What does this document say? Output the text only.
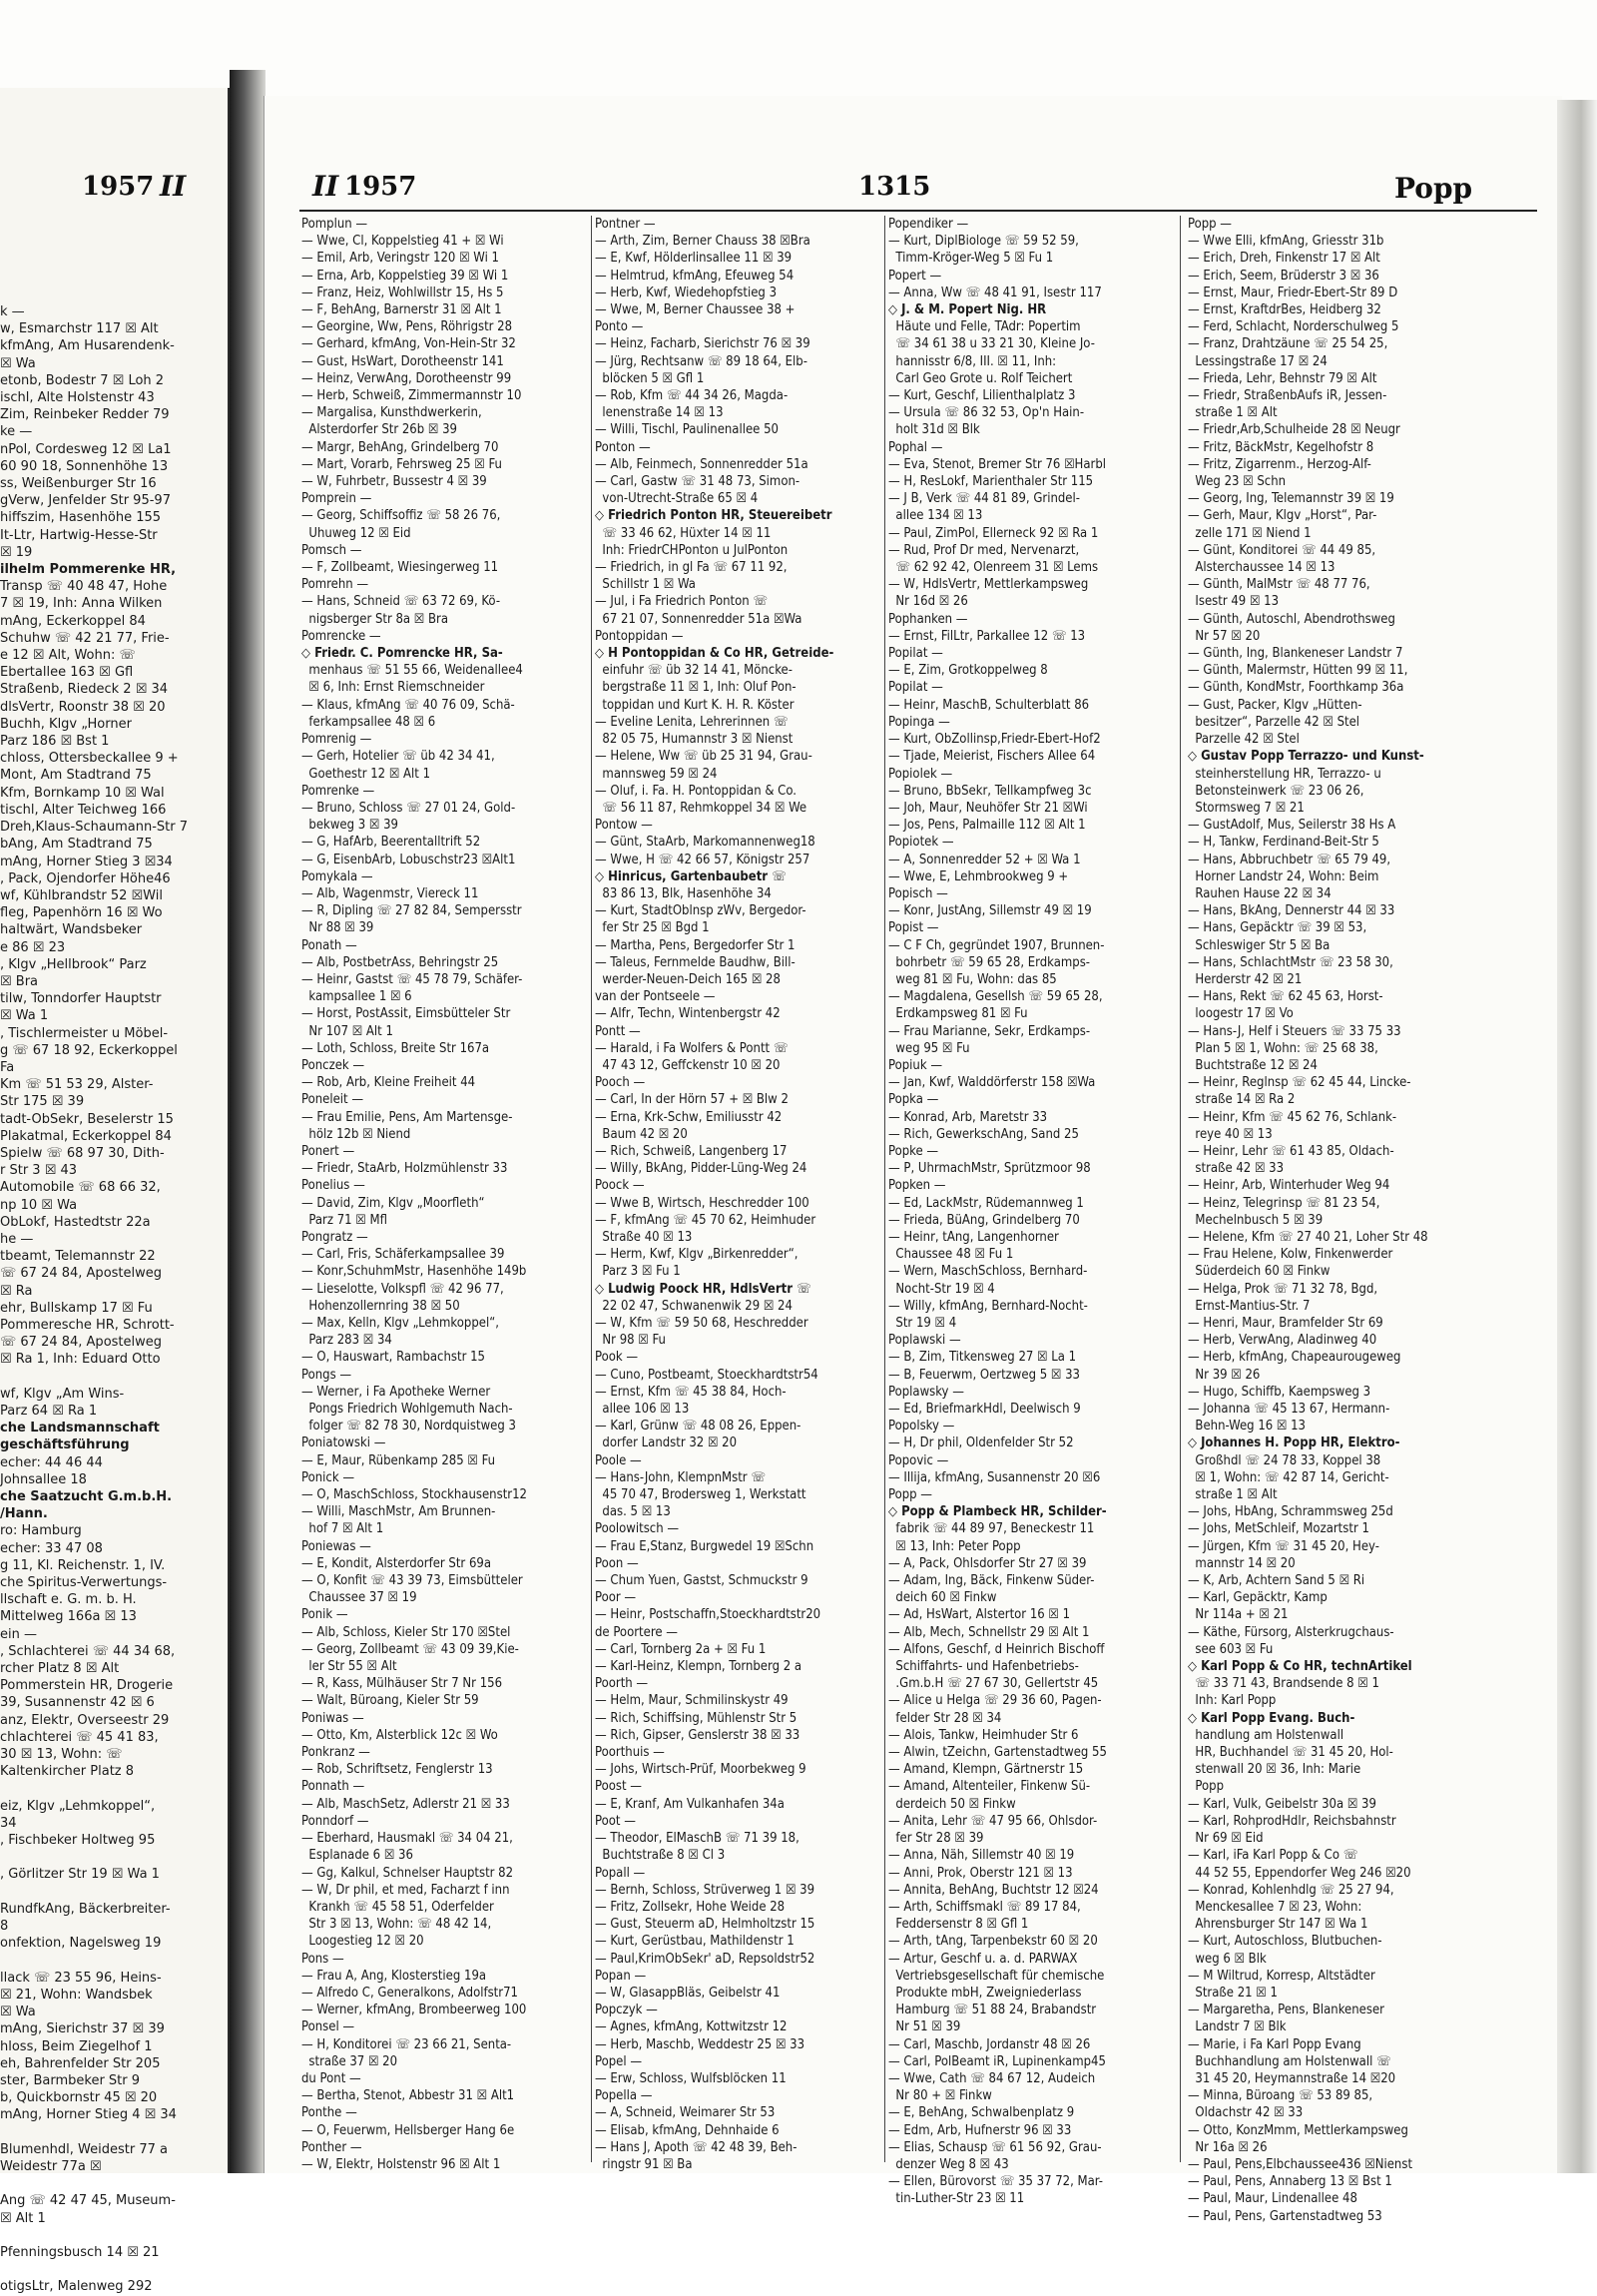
k —
w, Esmarchstr 117 ☒ Alt
kfmAng, Am Husarendenk-
☒ Wa
etonb, Bodestr 7 ☒ Loh 2
ischl, Alte Holstenstr 43
Zim, Reinbeker Redder 79
ke —
nPol, Cordesweg 12 ☒ La1
60 90 18, Sonnenhöhe 13
ss, Weißenburger Str 16
gVerw, Jenfelder Str 95-97
hiffszim, Hasenhöhe 155
It-Ltr, Hartwig-Hesse-Str
☒ 19
ilhelm Pommerenke HR,
Transp ☏ 40 48 47, Hohe
7 ☒ 19, Inh: Anna Wilken
mAng, Eckerkoppel 84
Schuhw ☏ 42 21 77, Frie-
e 12 ☒ Alt, Wohn: ☏
Ebertallee 163 ☒ Gfl
Straßenb, Riedeck 2 ☒ 34
dlsVertr, Roonstr 38 ☒ 20
Buchh, Klgv „Horner
Parz 186 ☒ Bst 1
chloss, Ottersbeckallee 9 +
Mont, Am Stadtrand 75
Kfm, Bornkamp 10 ☒ Wal
tischl, Alter Teichweg 166
Dreh,Klaus-Schaumann-Str 7
bAng, Am Stadtrand 75
mAng, Horner Stieg 3 ☒34
, Pack, Ojendorfer Höhe46
wf, Kühlbrandstr 52 ☒Wil
fleg, Papenhörn 16 ☒ Wo
haltwärt, Wandsbeker
e 86 ☒ 23
, Klgv „Hellbrook“ Parz
☒ Bra
tilw, Tonndorfer Hauptstr
☒ Wa 1
, Tischlermeister u Möbel-
g ☏ 67 18 92, Eckerkoppel
Fa
Km ☏ 51 53 29, Alster-
Str 175 ☒ 39
tadt-ObSekr, Beselerstr 15
Plakatmal, Eckerkoppel 84
Spielw ☏ 68 97 30, Dith-
r Str 3 ☒ 43
Automobile ☏ 68 66 32,
np 10 ☒ Wa
ObLokf, Hastedtstr 22a
he —
tbeamt, Telemannstr 22
☏ 67 24 84, Apostelweg
☒ Ra
ehr, Bullskamp 17 ☒ Fu
Pommeresche HR, Schrott-
☏ 67 24 84, Apostelweg
☒ Ra 1, Inh: Eduard Otto

wf, Klgv „Am Wins-
Parz 64 ☒ Ra 1
che Landsmannschaft
geschäftsführung
echer: 44 46 44
Johnsallee 18
che Saatzucht G.m.b.H.
/Hann.
ro: Hamburg
echer: 33 47 08
g 11, Kl. Reichenstr. 1, IV.
che Spiritus-Verwertungs-
llschaft e. G. m. b. H.
Mittelweg 166a ☒ 13
ein —
, Schlachterei ☏ 44 34 68,
rcher Platz 8 ☒ Alt
Pommerstein HR, Drogerie
39, Susannenstr 42 ☒ 6
anz, Elektr, Overseestr 29
chlachterei ☏ 45 41 83,
30 ☒ 13, Wohn: ☏
Kaltenkircher Platz 8

eiz, Klgv „Lehmkoppel“,
34
, Fischbeker Holtweg 95

, Görlitzer Str 19 ☒ Wa 1

RundfkAng, Bäckerbreiter-
8
onfektion, Nagelsweg 19

llack ☏ 23 55 96, Heins-
☒ 21, Wohn: Wandsbek
☒ Wa
mAng, Sierichstr 37 ☒ 39
hloss, Beim Ziegelhof 1
eh, Bahrenfelder Str 205
ster, Barmbeker Str 9
b, Quickbornstr 45 ☒ 20
mAng, Horner Stieg 4 ☒ 34

Blumenhdl, Weidestr 77 a
Weidestr 77a ☒

Ang ☏ 42 47 45, Museum-
☒ Alt 1

Pfenningsbusch 14 ☒ 21

otigsLtr, Malenweg 292
1957 II	II 1957	1315	Popp
Pomplun —
— Wwe, Cl, Koppelstieg 41 + ☒ Wi
— Emil, Arb, Veringstr 120 ☒ Wi 1
— Erna, Arb, Koppelstieg 39 ☒ Wi 1
— Franz, Heiz, Wohlwillstr 15, Hs 5
— F, BehAng, Barnerstr 31 ☒ Alt 1
— Georgine, Ww, Pens, Röhrigstr 28
— Gerhard, kfmAng, Von-Hein-Str 32
— Gust, HsWart, Dorotheenstr 141
— Heinz, VerwAng, Dorotheenstr 99
— Herb, Schweiß, Zimmermannstr 10
— Margalisa, Kunsthdwerkerin,
Alsterdorfer Str 26b ☒ 39
— Margr, BehAng, Grindelberg 70
— Mart, Vorarb, Fehrsweg 25 ☒ Fu
— W, Fuhrbetr, Bussestr 4 ☒ 39
Pomprein —
— Georg, Schiffsoffiz ☏ 58 26 76,
Uhuweg 12 ☒ Eid
Pomsch —
— F, Zollbeamt, Wiesingerweg 11
Pomrehn —
— Hans, Schneid ☏ 63 72 69, Kö-
nigsberger Str 8a ☒ Bra
Pomrencke —
◇ Friedr. C. Pomrencke HR, Sa-
menhaus ☏ 51 55 66, Weidenallee4
☒ 6, Inh: Ernst Riemschneider
— Klaus, kfmAng ☏ 40 76 09, Schä-
ferkampsallee 48 ☒ 6
Pomrenig —
— Gerh, Hotelier ☏ üb 42 34 41,
Goethestr 12 ☒ Alt 1
Pomrenke —
— Bruno, Schloss ☏ 27 01 24, Gold-
bekweg 3 ☒ 39
— G, HafArb, Beerentalltrift 52
— G, EisenbArb, Lobuschstr23 ☒Alt1
Pomykala —
— Alb, Wagenmstr, Viereck 11
— R, Dipling ☏ 27 82 84, Sempersstr
Nr 88 ☒ 39
Ponath —
— Alb, PostbetrAss, Behringstr 25
— Heinr, Gastst ☏ 45 78 79, Schäfer-
kampsallee 1 ☒ 6
— Horst, PostAssit, Eimsbütteler Str
Nr 107 ☒ Alt 1
— Loth, Schloss, Breite Str 167a
Ponczek —
— Rob, Arb, Kleine Freiheit 44
Poneleit —
— Frau Emilie, Pens, Am Martensge-
hölz 12b ☒ Niend
Ponert —
— Friedr, StaArb, Holzmühlenstr 33
Ponelius —
— David, Zim, Klgv „Moorfleth“
Parz 71 ☒ Mfl
Pongratz —
— Carl, Fris, Schäferkampsallee 39
— Konr,SchuhmMstr, Hasenhöhe 149b
— Lieselotte, Volkspfl ☏ 42 96 77,
Hohenzollernring 38 ☒ 50
— Max, Kelln, Klgv „Lehmkoppel“,
Parz 283 ☒ 34
— O, Hauswart, Rambachstr 15
Pongs —
— Werner, i Fa Apotheke Werner
Pongs Friedrich Wohlgemuth Nach-
folger ☏ 82 78 30, Nordquistweg 3
Poniatowski —
— E, Maur, Rübenkamp 285 ☒ Fu
Ponick —
— O, MaschSchloss, Stockhausenstr12
— Willi, MaschMstr, Am Brunnen-
hof 7 ☒ Alt 1
Poniewas —
— E, Kondit, Alsterdorfer Str 69a
— O, Konfit ☏ 43 39 73, Eimsbütteler
Chaussee 37 ☒ 19
Ponik —
— Alb, Schloss, Kieler Str 170 ☒Stel
— Georg, Zollbeamt ☏ 43 09 39,Kie-
ler Str 55 ☒ Alt
— R, Kass, Mülhäuser Str 7 Nr 156
— Walt, Büroang, Kieler Str 59
Poniwas —
— Otto, Km, Alsterblick 12c ☒ Wo
Ponkranz —
— Rob, Schriftsetz, Fenglerstr 13
Ponnath —
— Alb, MaschSetz, Adlerstr 21 ☒ 33
Ponndorf —
— Eberhard, Hausmakl ☏ 34 04 21,
Esplanade 6 ☒ 36
— Gg, Kalkul, Schnelser Hauptstr 82
— W, Dr phil, et med, Facharzt f inn
Krankh ☏ 45 58 51, Oderfelder
Str 3 ☒ 13, Wohn: ☏ 48 42 14,
Loogestieg 12 ☒ 20
Pons —
— Frau A, Ang, Klosterstieg 19a
— Alfredo C, Generalkons, Adolfstr71
— Werner, kfmAng, Brombeerweg 100
Ponsel —
— H, Konditorei ☏ 23 66 21, Senta-
straße 37 ☒ 20
du Pont —
— Bertha, Stenot, Abbestr 31 ☒ Alt1
Ponthe —
— O, Feuerwm, Hellsberger Hang 6e
Ponther —
— W, Elektr, Holstenstr 96 ☒ Alt 1
Pontner —
— Arth, Zim, Berner Chauss 38 ☒Bra
— E, Kwf, Hölderlinsallee 11 ☒ 39
— Helmtrud, kfmAng, Efeuweg 54
— Herb, Kwf, Wiedehopfstieg 3
— Wwe, M, Berner Chaussee 38 +
Ponto —
— Heinz, Facharb, Sierichstr 76 ☒ 39
— Jürg, Rechtsanw ☏ 89 18 64, Elb-
blöcken 5 ☒ Gfl 1
— Rob, Kfm ☏ 44 34 26, Magda-
lenenstraße 14 ☒ 13
— Willi, Tischl, Paulinenallee 50
Ponton —
— Alb, Feinmech, Sonnenredder 51a
— Carl, Gastw ☏ 31 48 73, Simon-
von-Utrecht-Straße 65 ☒ 4
◇ Friedrich Ponton HR, Steuereibetr
☏ 33 46 62, Hüxter 14 ☒ 11
Inh: FriedrCHPonton u JulPonton
— Friedrich, in gl Fa ☏ 67 11 92,
Schillstr 1 ☒ Wa
— Jul, i Fa Friedrich Ponton ☏
67 21 07, Sonnenredder 51a ☒Wa
Pontoppidan —
◇ H Pontoppidan & Co HR, Getreide-
einfuhr ☏ üb 32 14 41, Möncke-
bergstraße 11 ☒ 1, Inh: Oluf Pon-
toppidan und Kurt K. H. R. Köster
— Eveline Lenita, Lehrerinnen ☏
82 05 75, Humannstr 3 ☒ Nienst
— Helene, Ww ☏ üb 25 31 94, Grau-
mannsweg 59 ☒ 24
— Oluf, i. Fa. H. Pontoppidan & Co.
☏ 56 11 87, Rehmkoppel 34 ☒ We
Pontow —
— Günt, StaArb, Markomannenweg18
— Wwe, H ☏ 42 66 57, Königstr 257
◇ Hinricus, Gartenbaubetr ☏
83 86 13, Blk, Hasenhöhe 34
— Kurt, StadtOblnsp zWv, Bergedor-
fer Str 25 ☒ Bgd 1
— Martha, Pens, Bergedorfer Str 1
— Taleus, Fernmelde Baudhw, Bill-
werder-Neuen-Deich 165 ☒ 28
van der Pontseele —
— Alfr, Techn, Wintenbergstr 42
Pontt —
— Harald, i Fa Wolfers & Pontt ☏
47 43 12, Geffckenstr 10 ☒ 20
Pooch —
— Carl, In der Hörn 57 + ☒ Blw 2
— Erna, Krk-Schw, Emiliusstr 42
Baum 42 ☒ 20
— Rich, Schweiß, Langenberg 17
— Willy, BkAng, Pidder-Lüng-Weg 24
Poock —
— Wwe B, Wirtsch, Heschredder 100
— F, kfmAng ☏ 45 70 62, Heimhuder
Straße 40 ☒ 13
— Herm, Kwf, Klgv „Birkenredder“,
Parz 3 ☒ Fu 1
◇ Ludwig Poock HR, HdlsVertr ☏
22 02 47, Schwanenwik 29 ☒ 24
— W, Kfm ☏ 59 50 68, Heschredder
Nr 98 ☒ Fu
Pook —
— Cuno, Postbeamt, Stoeckhardtstr54
— Ernst, Kfm ☏ 45 38 84, Hoch-
allee 106 ☒ 13
— Karl, Grünw ☏ 48 08 26, Eppen-
dorfer Landstr 32 ☒ 20
Poole —
— Hans-John, KlempnMstr ☏
45 70 47, Brodersweg 1, Werkstatt
das. 5 ☒ 13
Poolowitsch —
— Frau E,Stanz, Burgwedel 19 ☒Schn
Poon —
— Chum Yuen, Gastst, Schmuckstr 9
Poor —
— Heinr, Postschaffn,Stoeckhardtstr20
de Poortere —
— Carl, Tornberg 2a + ☒ Fu 1
— Karl-Heinz, Klempn, Tornberg 2 a
Poorth —
— Helm, Maur, Schmilinskystr 49
— Rich, Schiffsing, Mühlenstr Str 5
— Rich, Gipser, Genslerstr 38 ☒ 33
Poorthuis —
— Johs, Wirtsch-Prüf, Moorbekweg 9
Poost —
— E, Kranf, Am Vulkanhafen 34a
Poot —
— Theodor, ElMaschB ☏ 71 39 18,
Buchtstraße 8 ☒ Cl 3
Popall —
— Bernh, Schloss, Strüverweg 1 ☒ 39
— Fritz, Zollsekr, Hohe Weide 28
— Gust, Steuerm aD, Helmholtzstr 15
— Kurt, Gerüstbau, Mathildenstr 1
— Paul,KrimObSekr' aD, Repsoldstr52
Popan —
— W, GlasappBläs, Geibelstr 41
Popczyk —
— Agnes, kfmAng, Kottwitzstr 12
— Herb, Maschb, Weddestr 25 ☒ 33
Popel —
— Erw, Schloss, Wulfsblöcken 11
Popella —
— A, Schneid, Weimarer Str 53
— Elisab, kfmAng, Dehnhaide 6
— Hans J, Apoth ☏ 42 48 39, Beh-
ringstr 91 ☒ Ba
Popendiker —
— Kurt, DiplBiologe ☏ 59 52 59,
Timm-Kröger-Weg 5 ☒ Fu 1
Popert —
— Anna, Ww ☏ 48 41 91, Isestr 117
◇ J. & M. Popert Nig. HR
Häute und Felle, TAdr: Popertim
☏ 34 61 38 u 33 21 30, Kleine Jo-
hannisstr 6/8, III. ☒ 11, Inh:
Carl Geo Grote u. Rolf Teichert
— Kurt, Geschf, Lilienthalplatz 3
— Ursula ☏ 86 32 53, Op'n Hain-
holt 31d ☒ Blk
Pophal —
— Eva, Stenot, Bremer Str 76 ☒Harbl
— H, ResLokf, Marienthaler Str 115
— J B, Verk ☏ 44 81 89, Grindel-
allee 134 ☒ 13
— Paul, ZimPol, Ellerneck 92 ☒ Ra 1
— Rud, Prof Dr med, Nervenarzt,
☏ 62 92 42, Olenreem 31 ☒ Lems
— W, HdlsVertr, Mettlerkampsweg
Nr 16d ☒ 26
Pophanken —
— Ernst, FilLtr, Parkallee 12 ☏ 13
Popilat —
— E, Zim, Grotkoppelweg 8
Popilat —
— Heinr, MaschB, Schulterblatt 86
Popinga —
— Kurt, ObZollinsp,Friedr-Ebert-Hof2
— Tjade, Meierist, Fischers Allee 64
Popiolek —
— Bruno, BbSekr, Tellkampfweg 3c
— Joh, Maur, Neuhöfer Str 21 ☒Wi
— Jos, Pens, Palmaille 112 ☒ Alt 1
Popiotek —
— A, Sonnenredder 52 + ☒ Wa 1
— Wwe, E, Lehmbrookweg 9 +
Popisch —
— Konr, JustAng, Sillemstr 49 ☒ 19
Popist —
— C F Ch, gegründet 1907, Brunnen-
bohrbetr ☏ 59 65 28, Erdkamps-
weg 81 ☒ Fu, Wohn: das 85
— Magdalena, Gesellsh ☏ 59 65 28,
Erdkampsweg 81 ☒ Fu
— Frau Marianne, Sekr, Erdkamps-
weg 95 ☒ Fu
Popiuk —
— Jan, Kwf, Walddörferstr 158 ☒Wa
Popka —
— Konrad, Arb, Maretstr 33
— Rich, GewerkschAng, Sand 25
Popke —
— P, UhrmachMstr, Sprützmoor 98
Popken —
— Ed, LackMstr, Rüdemannweg 1
— Frieda, BüAng, Grindelberg 70
— Heinr, tAng, Langenhorner
Chaussee 48 ☒ Fu 1
— Wern, MaschSchloss, Bernhard-
Nocht-Str 19 ☒ 4
— Willy, kfmAng, Bernhard-Nocht-
Str 19 ☒ 4
Poplawski —
— B, Zim, Titkensweg 27 ☒ La 1
— B, Feuerwm, Oertzweg 5 ☒ 33
Poplawsky —
— Ed, BriefmarkHdl, Deelwisch 9
Popolsky —
— H, Dr phil, Oldenfelder Str 52
Popovic —
— Illija, kfmAng, Susannenstr 20 ☒6
Popp —
◇ Popp & Plambeck HR, Schilder-
fabrik ☏ 44 89 97, Beneckestr 11
☒ 13, Inh: Peter Popp
— A, Pack, Ohlsdorfer Str 27 ☒ 39
— Adam, Ing, Bäck, Finkenw Süder-
deich 60 ☒ Finkw
— Ad, HsWart, Alstertor 16 ☒ 1
— Alb, Mech, Schnellstr 29 ☒ Alt 1
— Alfons, Geschf, d Heinrich Bischoff
Schiffahrts- und Hafenbetriebs-
.Gm.b.H ☏ 27 67 30, Gellertstr 45
— Alice u Helga ☏ 29 36 60, Pagen-
felder Str 28 ☒ 34
— Alois, Tankw, Heimhuder Str 6
— Alwin, tZeichn, Gartenstadtweg 55
— Amand, Klempn, Gärtnerstr 15
— Amand, Altenteiler, Finkenw Sü-
derdeich 50 ☒ Finkw
— Anita, Lehr ☏ 47 95 66, Ohlsdor-
fer Str 28 ☒ 39
— Anna, Näh, Sillemstr 40 ☒ 19
— Anni, Prok, Oberstr 121 ☒ 13
— Annita, BehAng, Buchtstr 12 ☒24
— Arth, Schiffsmakl ☏ 89 17 84,
Feddersenstr 8 ☒ Gfl 1
— Arth, tAng, Tarpenbekstr 60 ☒ 20
— Artur, Geschf u. a. d. PARWAX
Vertriebsgesellschaft für chemische
Produkte mbH, Zweigniederlass
Hamburg ☏ 51 88 24, Brabandstr
Nr 51 ☒ 39
— Carl, Maschb, Jordanstr 48 ☒ 26
— Carl, PolBeamt iR, Lupinenkamp45
— Wwe, Cath ☏ 84 67 12, Audeich
Nr 80 + ☒ Finkw
— E, BehAng, Schwalbenplatz 9
— Edm, Arb, Hufnerstr 96 ☒ 33
— Elias, Schausp ☏ 61 56 92, Grau-
denzer Weg 8 ☒ 43
— Ellen, Bürovorst ☏ 35 37 72, Mar-
tin-Luther-Str 23 ☒ 11
Popp —
— Wwe Elli, kfmAng, Griesstr 31b
— Erich, Dreh, Finkenstr 17 ☒ Alt
— Erich, Seem, Brüderstr 3 ☒ 36
— Ernst, Maur, Friedr-Ebert-Str 89 D
— Ernst, KraftdrBes, Heidberg 32
— Ferd, Schlacht, Norderschulweg 5
— Franz, Drahtzäune ☏ 25 54 25,
Lessingstraße 17 ☒ 24
— Frieda, Lehr, Behnstr 79 ☒ Alt
— Friedr, StraßenbAufs iR, Jessen-
straße 1 ☒ Alt
— Friedr,Arb,Schulheide 28 ☒ Neugr
— Fritz, BäckMstr, Kegelhofstr 8
— Fritz, Zigarrenm., Herzog-Alf-
Weg 23 ☒ Schn
— Georg, Ing, Telemannstr 39 ☒ 19
— Gerh, Maur, Klgv „Horst“, Par-
zelle 171 ☒ Niend 1
— Günt, Konditorei ☏ 44 49 85,
Alsterchaussee 14 ☒ 13
— Günth, MalMstr ☏ 48 77 76,
Isestr 49 ☒ 13
— Günth, Autoschl, Abendrothsweg
Nr 57 ☒ 20
— Günth, Ing, Blankeneser Landstr 7
— Günth, Malermstr, Hütten 99 ☒ 11,
— Günth, KondMstr, Foorthkamp 36a
— Gust, Packer, Klgv „Hütten-
besitzer“, Parzelle 42 ☒ Stel
Parzelle 42 ☒ Stel
◇ Gustav Popp Terrazzo- und Kunst-
steinherstellung HR, Terrazzo- u
Betonsteinwerk ☏ 23 06 26,
Stormsweg 7 ☒ 21
— GustAdolf, Mus, Seilerstr 38 Hs A
— H, Tankw, Ferdinand-Beit-Str 5
— Hans, Abbruchbetr ☏ 65 79 49,
Horner Landstr 24, Wohn: Beim
Rauhen Hause 22 ☒ 34
— Hans, BkAng, Dennerstr 44 ☒ 33
— Hans, Gepäcktr ☏ 39 ☒ 53,
Schleswiger Str 5 ☒ Ba
— Hans, SchlachtMstr ☏ 23 58 30,
Herderstr 42 ☒ 21
— Hans, Rekt ☏ 62 45 63, Horst-
loogestr 17 ☒ Vo
— Hans-J, Helf i Steuers ☏ 33 75 33
Plan 5 ☒ 1, Wohn: ☏ 25 68 38,
Buchtstraße 12 ☒ 24
— Heinr, Reglnsp ☏ 62 45 44, Lincke-
straße 14 ☒ Ra 2
— Heinr, Kfm ☏ 45 62 76, Schlank-
reye 40 ☒ 13
— Heinr, Lehr ☏ 61 43 85, Oldach-
straße 42 ☒ 33
— Heinr, Arb, Winterhuder Weg 94
— Heinz, Telegrinsp ☏ 81 23 54,
Mechelnbusch 5 ☒ 39
— Helene, Kfm ☏ 27 40 21, Loher Str 48
— Frau Helene, Kolw, Finkenwerder
Süderdeich 60 ☒ Finkw
— Helga, Prok ☏ 71 32 78, Bgd,
Ernst-Mantius-Str. 7
— Henri, Maur, Bramfelder Str 69
— Herb, VerwAng, Aladinweg 40
— Herb, kfmAng, Chapeaurougeweg
Nr 39 ☒ 26
— Hugo, Schiffb, Kaempsweg 3
— Johanna ☏ 45 13 67, Hermann-
Behn-Weg 16 ☒ 13
◇ Johannes H. Popp HR, Elektro-
Großhdl ☏ 24 78 33, Koppel 38
☒ 1, Wohn: ☏ 42 87 14, Gericht-
straße 1 ☒ Alt
— Johs, HbAng, Schrammsweg 25d
— Johs, MetSchleif, Mozartstr 1
— Jürgen, Kfm ☏ 31 45 20, Hey-
mannstr 14 ☒ 20
— K, Arb, Achtern Sand 5 ☒ Ri
— Karl, Gepäcktr, Kamp
Nr 114a + ☒ 21
— Käthe, Fürsorg, Alsterkrugchaus-
see 603 ☒ Fu
◇ Karl Popp & Co HR, technArtikel
☏ 33 71 43, Brandsende 8 ☒ 1
Inh: Karl Popp
◇ Karl Popp Evang. Buch-
handlung am Holstenwall
HR, Buchhandel ☏ 31 45 20, Hol-
stenwall 20 ☒ 36, Inh: Marie
Popp
— Karl, Vulk, Geibelstr 30a ☒ 39
— Karl, RohprodHdlr, Reichsbahnstr
Nr 69 ☒ Eid
— Karl, iFa Karl Popp & Co ☏
44 52 55, Eppendorfer Weg 246 ☒20
— Konrad, Kohlenhdlg ☏ 25 27 94,
Menckesallee 7 ☒ 23, Wohn:
Ahrensburger Str 147 ☒ Wa 1
— Kurt, Autoschloss, Blutbuchen-
weg 6 ☒ Blk
— M Wiltrud, Korresp, Altstädter
Straße 21 ☒ 1
— Margaretha, Pens, Blankeneser
Landstr 7 ☒ Blk
— Marie, i Fa Karl Popp Evang
Buchhandlung am Holstenwall ☏
31 45 20, Heymannstraße 14 ☒20
— Minna, Büroang ☏ 53 89 85,
Oldachstr 42 ☒ 33
— Otto, KonzMmm, Mettlerkampsweg
Nr 16a ☒ 26
— Paul, Pens,Elbchaussee436 ☒Nienst
— Paul, Pens, Annaberg 13 ☒ Bst 1
— Paul, Maur, Lindenallee 48
— Paul, Pens, Gartenstadtweg 53
